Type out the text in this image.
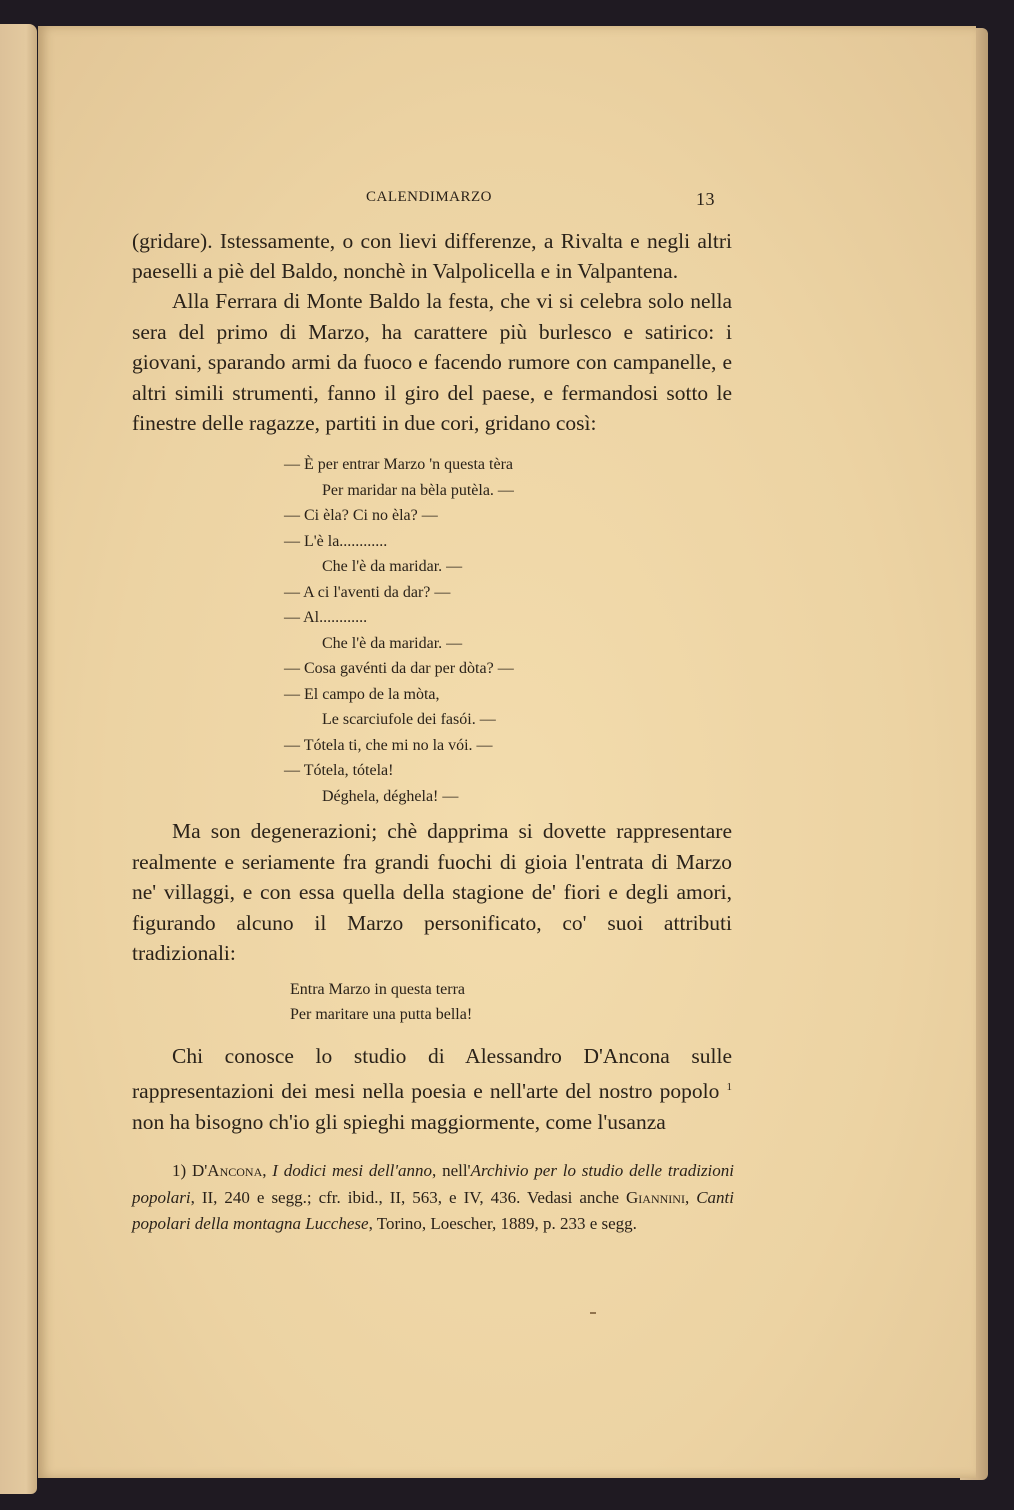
CALENDIMARZO	13

(gridare). Istessamente, o con lievi differenze, a Rivalta e negli altri paeselli a piè del Baldo, nonchè in Valpolicella e in Valpantena.

Alla Ferrara di Monte Baldo la festa, che vi si celebra solo nella sera del primo di Marzo, ha carattere più burlesco e satirico: i giovani, sparando armi da fuoco e facendo rumore con campanelle, e altri simili strumenti, fanno il giro del paese, e fermandosi sotto le finestre delle ragazze, partiti in due cori, gridano così:

— È per entrar Marzo 'n questa tèra
Per maridar na bèla putèla. —
— Ci èla? Ci no èla? —
— L'è la............
Che l'è da maridar. —
— A ci l'aventi da dar? —
— Al............
Che l'è da maridar. —
— Cosa gavénti da dar per dòta? —
— El campo de la mòta,
Le scarciufole dei fasói. —
— Tótela ti, che mi no la vói. —
— Tótela, tótela!
Déghela, déghela! —

Ma son degenerazioni; chè dapprima si dovette rappresentare realmente e seriamente fra grandi fuochi di gioia l'entrata di Marzo ne' villaggi, e con essa quella della stagione de' fiori e degli amori, figurando alcuno il Marzo personificato, co' suoi attributi tradizionali:

Entra Marzo in questa terra
Per maritare una putta bella!

Chi conosce lo studio di Alessandro D'Ancona sulle rappresentazioni dei mesi nella poesia e nell'arte del nostro popolo $^1$ non ha bisogno ch'io gli spieghi maggiormente, come l'usanza

1) D'Ancona, I dodici mesi dell'anno, nell'Archivio per lo studio delle tradizioni popolari, II, 240 e segg.; cfr. ibid., II, 563, e IV, 436. Vedasi anche Giannini, Canti popolari della montagna Lucchese, Torino, Loescher, 1889, p. 233 e segg.
